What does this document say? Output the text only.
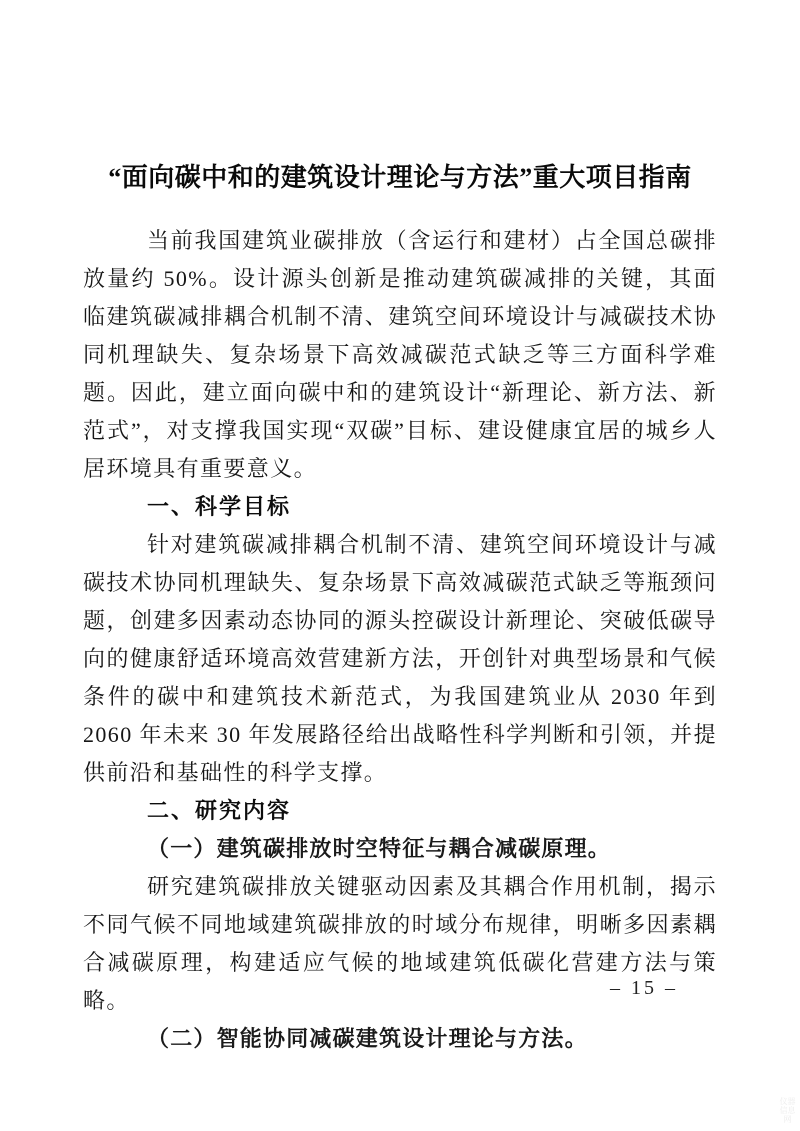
“面向碳中和的建筑设计理论与方法”重大项目指南

当前我国建筑业碳排放（含运行和建材）占全国总碳排放量约 50%。设计源头创新是推动建筑碳减排的关键，其面临建筑碳减排耦合机制不清、建筑空间环境设计与减碳技术协同机理缺失、复杂场景下高效减碳范式缺乏等三方面科学难题。因此，建立面向碳中和的建筑设计“新理论、新方法、新范式”，对支撑我国实现“双碳”目标、建设健康宜居的城乡人居环境具有重要意义。

一、科学目标

针对建筑碳减排耦合机制不清、建筑空间环境设计与减碳技术协同机理缺失、复杂场景下高效减碳范式缺乏等瓶颈问题，创建多因素动态协同的源头控碳设计新理论、突破低碳导向的健康舒适环境高效营建新方法，开创针对典型场景和气候条件的碳中和建筑技术新范式，为我国建筑业从 2030 年到 2060 年未来 30 年发展路径给出战略性科学判断和引领，并提供前沿和基础性的科学支撑。

二、研究内容
（一）建筑碳排放时空特征与耦合减碳原理。

研究建筑碳排放关键驱动因素及其耦合作用机制，揭示不同气候不同地域建筑碳排放的时域分布规律，明晰多因素耦合减碳原理，构建适应气候的地域建筑低碳化营建方法与策略。

（二）智能协同减碳建筑设计理论与方法。
– 15 –
仪器信息网
